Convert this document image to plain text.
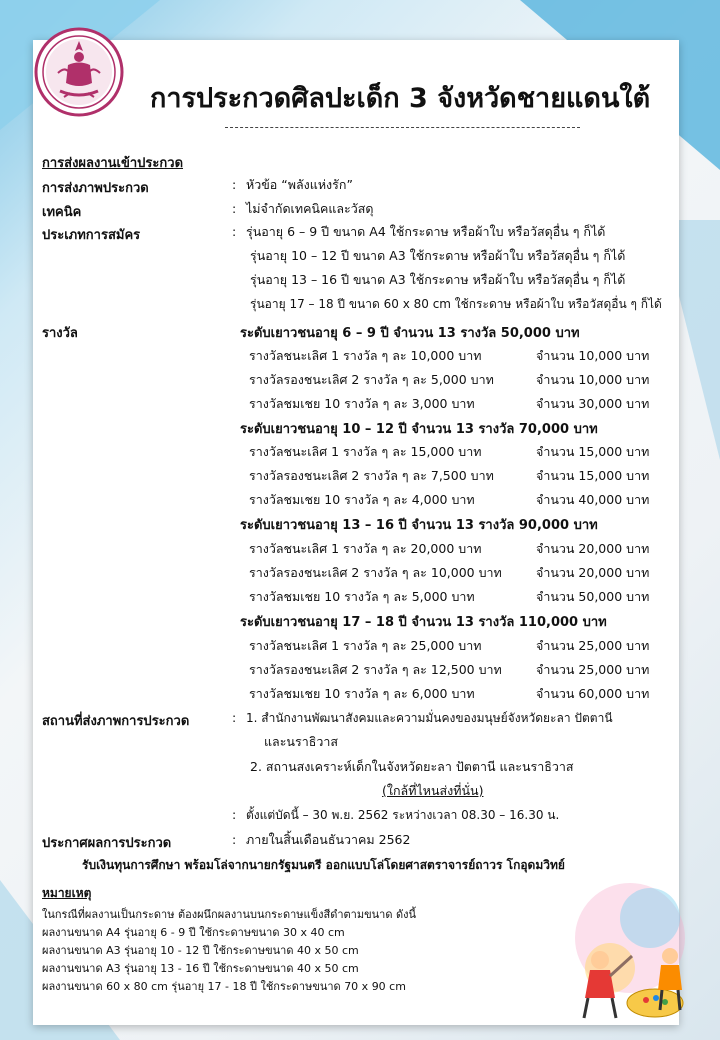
การประกวดศิลปะเด็ก 3 จังหวัดชายแดนใต้
การส่งผลงานเข้าประกวด
การส่งภาพประกวด	: หัวข้อ “พลังแห่งรัก”
เทคนิค	: ไม่จำกัดเทคนิคและวัสดุ
ประเภทการสมัคร	: รุ่นอายุ 6 – 9 ปี ขนาด A4 ใช้กระดาษ หรือผ้าใบ หรือวัสดุอื่น ๆ ก็ได้
รุ่นอายุ 10 – 12 ปี ขนาด A3 ใช้กระดาษ หรือผ้าใบ หรือวัสดุอื่น ๆ ก็ได้
รุ่นอายุ 13 – 16 ปี ขนาด A3 ใช้กระดาษ หรือผ้าใบ หรือวัสดุอื่น ๆ ก็ได้
รุ่นอายุ 17 – 18 ปี ขนาด 60 x 80 cm ใช้กระดาษ หรือผ้าใบ หรือวัสดุอื่น ๆ ก็ได้
รางวัล	ระดับเยาวชนอายุ 6 – 9 ปี จำนวน 13 รางวัล 50,000 บาท
รางวัลชนะเลิศ 1 รางวัล ๆ ละ 10,000 บาท	จำนวน 10,000 บาท
รางวัลรองชนะเลิศ 2 รางวัล ๆ ละ 5,000 บาท	จำนวน 10,000 บาท
รางวัลชมเชย 10 รางวัล ๆ ละ 3,000 บาท	จำนวน 30,000 บาท
ระดับเยาวชนอายุ 10 – 12 ปี จำนวน 13 รางวัล 70,000 บาท
รางวัลชนะเลิศ 1 รางวัล ๆ ละ 15,000 บาท	จำนวน 15,000 บาท
รางวัลรองชนะเลิศ 2 รางวัล ๆ ละ 7,500 บาท	จำนวน 15,000 บาท
รางวัลชมเชย 10 รางวัล ๆ ละ 4,000 บาท	จำนวน 40,000 บาท
ระดับเยาวชนอายุ 13 – 16 ปี จำนวน 13 รางวัล 90,000 บาท
รางวัลชนะเลิศ 1 รางวัล ๆ ละ 20,000 บาท	จำนวน 20,000 บาท
รางวัลรองชนะเลิศ 2 รางวัล ๆ ละ 10,000 บาท	จำนวน 20,000 บาท
รางวัลชมเชย 10 รางวัล ๆ ละ 5,000 บาท	จำนวน 50,000 บาท
ระดับเยาวชนอายุ 17 – 18 ปี จำนวน 13 รางวัล 110,000 บาท
รางวัลชนะเลิศ 1 รางวัล ๆ ละ 25,000 บาท	จำนวน 25,000 บาท
รางวัลรองชนะเลิศ 2 รางวัล ๆ ละ 12,500 บาท	จำนวน 25,000 บาท
รางวัลชมเชย 10 รางวัล ๆ ละ 6,000 บาท	จำนวน 60,000 บาท
สถานที่ส่งภาพการประกวด	: 1. สำนักงานพัฒนาสังคมและความมั่นคงของมนุษย์จังหวัดยะลา ปัตตานี
และนราธิวาส
2. สถานสงเคราะห์เด็กในจังหวัดยะลา ปัตตานี และนราธิวาส
(ใกล้ที่ไหนส่งที่นั่น)
: ตั้งแต่บัดนี้ – 30 พ.ย. 2562 ระหว่างเวลา 08.30 – 16.30 น.
ประกาศผลการประกวด	: ภายในสิ้นเดือนธันวาคม 2562
รับเงินทุนการศึกษา พร้อมโล่จากนายกรัฐมนตรี ออกแบบโล่โดยศาสตราจารย์ถาวร โกอุดมวิทย์
หมายเหตุ
ในกรณีที่ผลงานเป็นกระดาษ ต้องผนึกผลงานบนกระดาษแข็งสีดำตามขนาด ดังนี้
ผลงานขนาด A4 รุ่นอายุ 6 - 9 ปี ใช้กระดาษขนาด 30 x 40 cm
ผลงานขนาด A3 รุ่นอายุ 10 - 12 ปี ใช้กระดาษขนาด 40 x 50 cm
ผลงานขนาด A3 รุ่นอายุ 13 - 16 ปี ใช้กระดาษขนาด 40 x 50 cm
ผลงานขนาด 60 x 80 cm รุ่นอายุ 17 - 18 ปี ใช้กระดาษขนาด 70 x 90 cm
